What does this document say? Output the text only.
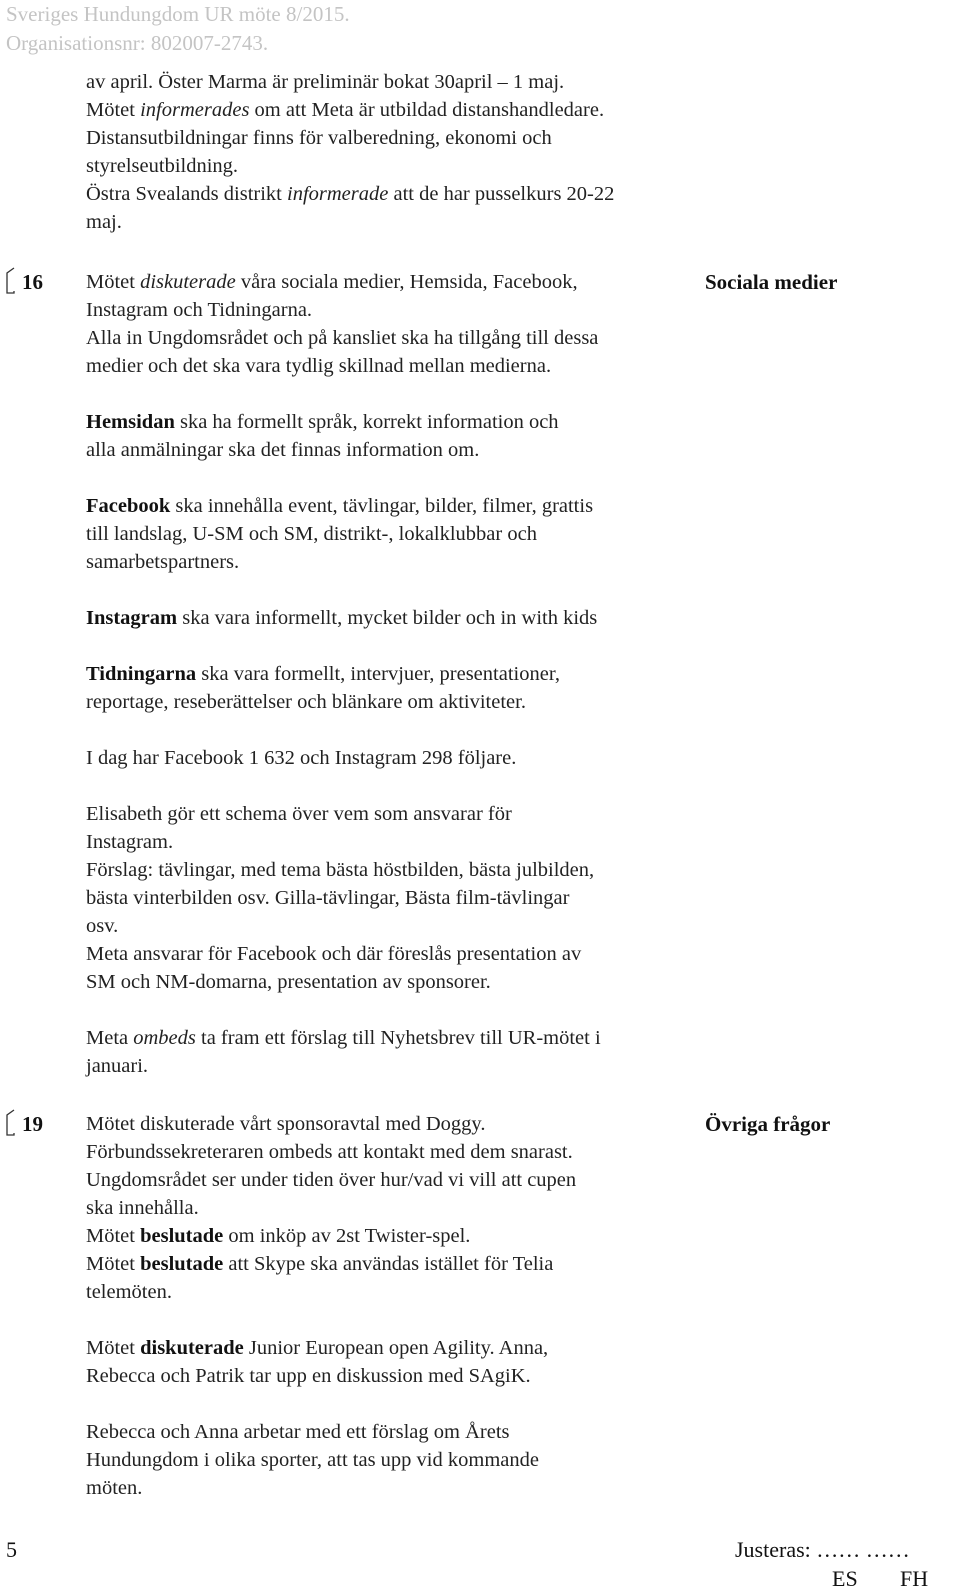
Sveriges Hundungdom UR möte 8/2015.
Organisationsnr: 802007-2743.
av april. Öster Marma är preliminär bokat 30april – 1 maj.
Mötet informerades om att Meta är utbildad distanshandledare.
Distansutbildningar finns för valberedning, ekonomi och
styrelseutbildning.
Östra Svealands distrikt informerade att de har pusselkurs 20-22
maj.
16	Sociala medier
Mötet diskuterade våra sociala medier, Hemsida, Facebook,
Instagram och Tidningarna.
Alla in Ungdomsrådet och på kansliet ska ha tillgång till dessa
medier och det ska vara tydlig skillnad mellan medierna.
Hemsidan ska ha formellt språk, korrekt information och
alla anmälningar ska det finnas information om.
Facebook ska innehålla event, tävlingar, bilder, filmer, grattis
till landslag, U-SM och SM, distrikt-, lokalklubbar och
samarbetspartners.
Instagram ska vara informellt, mycket bilder och in with kids
Tidningarna ska vara formellt, intervjuer, presentationer,
reportage, reseberättelser och blänkare om aktiviteter.
I dag har Facebook 1 632 och Instagram 298 följare.
Elisabeth gör ett schema över vem som ansvarar för
Instagram.
Förslag: tävlingar, med tema bästa höstbilden, bästa julbilden,
bästa vinterbilden osv. Gilla-tävlingar, Bästa film-tävlingar
osv.
Meta ansvarar för Facebook och där föreslås presentation av
SM och NM-domarna, presentation av sponsorer.
Meta ombeds ta fram ett förslag till Nyhetsbrev till UR-mötet i
januari.
19	Övriga frågor
Mötet diskuterade vårt sponsoravtal med Doggy.
Förbundssekreteraren ombeds att kontakt med dem snarast.
Ungdomsrådet ser under tiden över hur/vad vi vill att cupen
ska innehålla.
Mötet beslutade om inköp av 2st Twister-spel.
Mötet beslutade att Skype ska användas istället för Telia
telemöten.
Mötet diskuterade Junior European open Agility. Anna,
Rebecca och Patrik tar upp en diskussion med SAgiK.
Rebecca och Anna arbetar med ett förslag om Årets
Hundungdom i olika sporter, att tas upp vid kommande
möten.
5	Justeras: …… ……
ES FH
